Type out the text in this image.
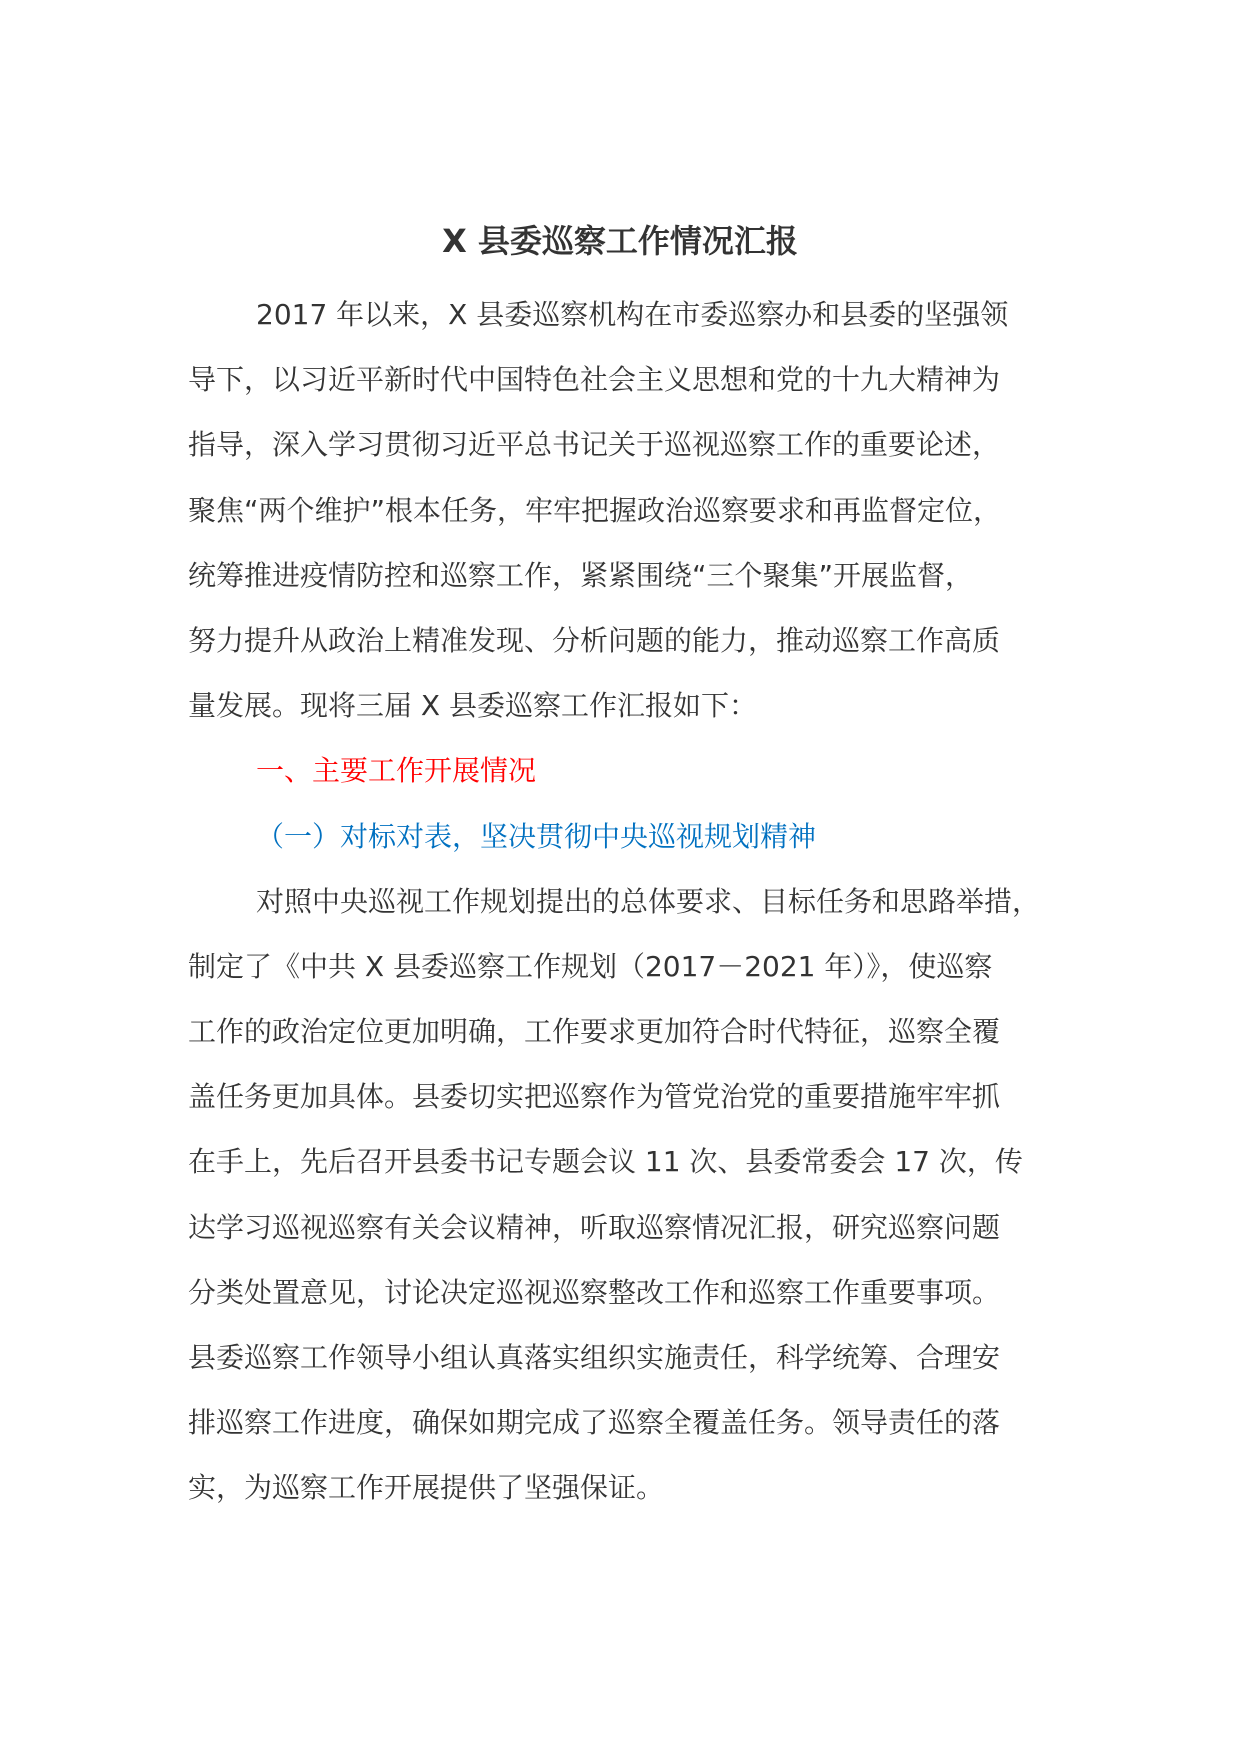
X 县委巡察工作情况汇报
2017 年以来，X 县委巡察机构在市委巡察办和县委的坚强领
导下，以习近平新时代中国特色社会主义思想和党的十九大精神为
指导，深入学习贯彻习近平总书记关于巡视巡察工作的重要论述，
聚焦“两个维护”根本任务，牢牢把握政治巡察要求和再监督定位，
统筹推进疫情防控和巡察工作，紧紧围绕“三个聚集”开展监督，
努力提升从政治上精准发现、分析问题的能力，推动巡察工作高质
量发展。现将三届 X 县委巡察工作汇报如下：
一、主要工作开展情况
（一）对标对表，坚决贯彻中央巡视规划精神
对照中央巡视工作规划提出的总体要求、目标任务和思路举措，
制定了《中共 X 县委巡察工作规划（2017－2021 年）》，使巡察
工作的政治定位更加明确，工作要求更加符合时代特征，巡察全覆
盖任务更加具体。县委切实把巡察作为管党治党的重要措施牢牢抓
在手上，先后召开县委书记专题会议 11 次、县委常委会 17 次，传
达学习巡视巡察有关会议精神，听取巡察情况汇报，研究巡察问题
分类处置意见，讨论决定巡视巡察整改工作和巡察工作重要事项。
县委巡察工作领导小组认真落实组织实施责任，科学统筹、合理安
排巡察工作进度，确保如期完成了巡察全覆盖任务。领导责任的落
实，为巡察工作开展提供了坚强保证。
